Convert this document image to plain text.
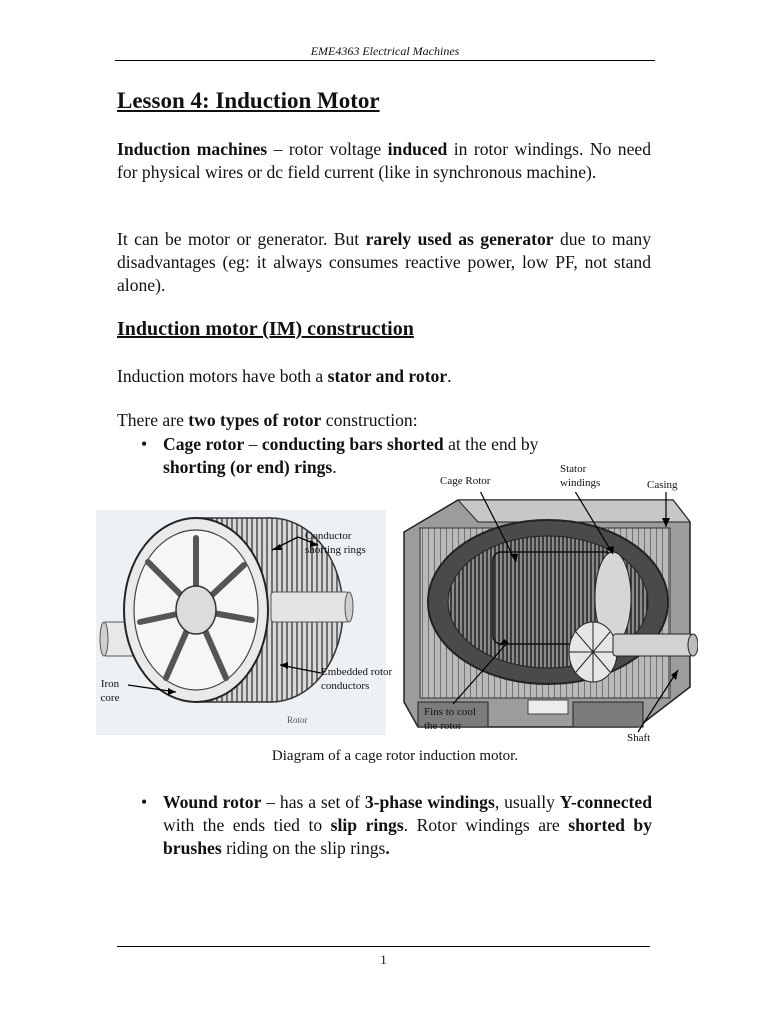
EME4363 Electrical Machines
Lesson 4: Induction Motor
Induction machines – rotor voltage induced in rotor windings. No need for physical wires or dc field current (like in synchronous machine).
It can be motor or generator. But rarely used as generator due to many disadvantages (eg: it always consumes reactive power, low PF, not stand alone).
Induction motor (IM) construction
Induction motors have both a stator and rotor.
There are two types of rotor construction:
• Cage rotor – conducting bars shorted at the end by
shorting (or end) rings.
Conductor
shorting rings
Embedded rotor
conductors
Iron
core
Rotor
Cage Rotor
Stator
windings	Casing
Fins to cool
the rotor
Shaft
Diagram of a cage rotor induction motor.
• Wound rotor – has a set of 3-phase windings, usually Y-connected with the ends tied to slip rings. Rotor windings are shorted by brushes riding on the slip rings.
1
